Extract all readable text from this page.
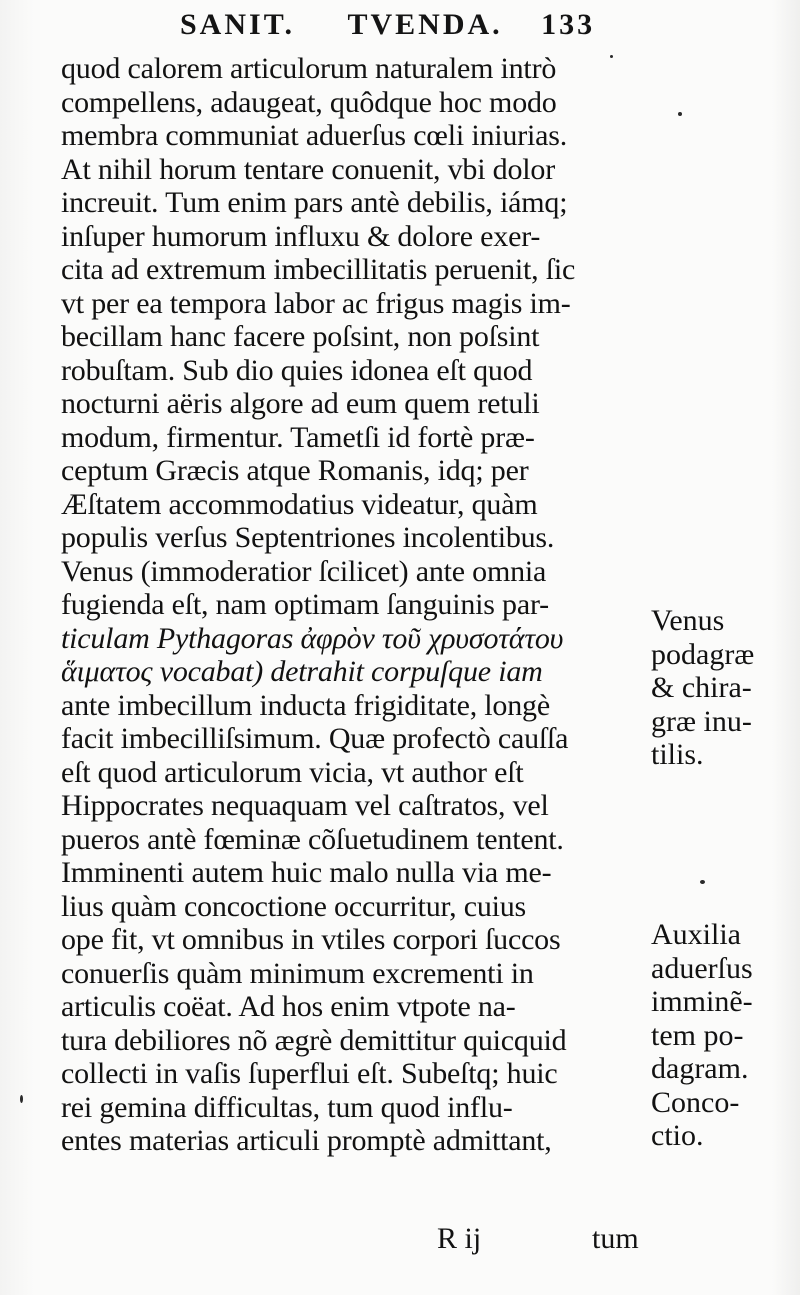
SANIT. TVENDA. 133
quod calorem articulorum naturalem intrò
compellens, adaugeat, quôdque hoc modo
membra communiat aduerſus cœli iniurias.
At nihil horum tentare conuenit, vbi dolor
increuit. Tum enim pars antè debilis, iámq;
inſuper humorum influxu & dolore exer-
cita ad extremum imbecillitatis peruenit, ſic
vt per ea tempora labor ac frigus magis im-
becillam hanc facere poſsint, non poſsint
robuſtam. Sub dio quies idonea eſt quod
nocturni aëris algore ad eum quem retuli
modum, firmentur. Tametſi id fortè præ-
ceptum Græcis atque Romanis, idq; per
Æſtatem accommodatius videatur, quàm
populis verſus Septentriones incolentibus.
Venus (immoderatior ſcilicet) ante omnia
fugienda eſt, nam optimam ſanguinis par-
ticulam Pythagoras ἀφρὸν τοῦ χρυσοτάτου
ἅιματος vocabat) detrahit corpuſque iam
ante imbecillum inducta frigiditate, longè
facit imbecilliſsimum. Quæ profectò cauſſa
eſt quod articulorum vicia, vt author eſt
Hippocrates nequaquam vel caſtratos, vel
pueros antè fœminæ cõſuetudinem tentent.
Imminenti autem huic malo nulla via me-
lius quàm concoctione occurritur, cuius
ope fit, vt omnibus in vtiles corpori ſuccos
conuerſis quàm minimum excrementi in
articulis coëat. Ad hos enim vtpote na-
tura debiliores nõ ægrè demittitur quicquid
collecti in vaſis ſuperflui eſt. Subeſtq; huic
rei gemina difficultas, tum quod influ-
entes materias articuli promptè admittant,
Venus
podagræ
& chira-
græ inu-
tilis.
Auxilia
aduerſus
imminẽ-
tem po-
dagram.
Conco-
ctio.
R ij	tum
